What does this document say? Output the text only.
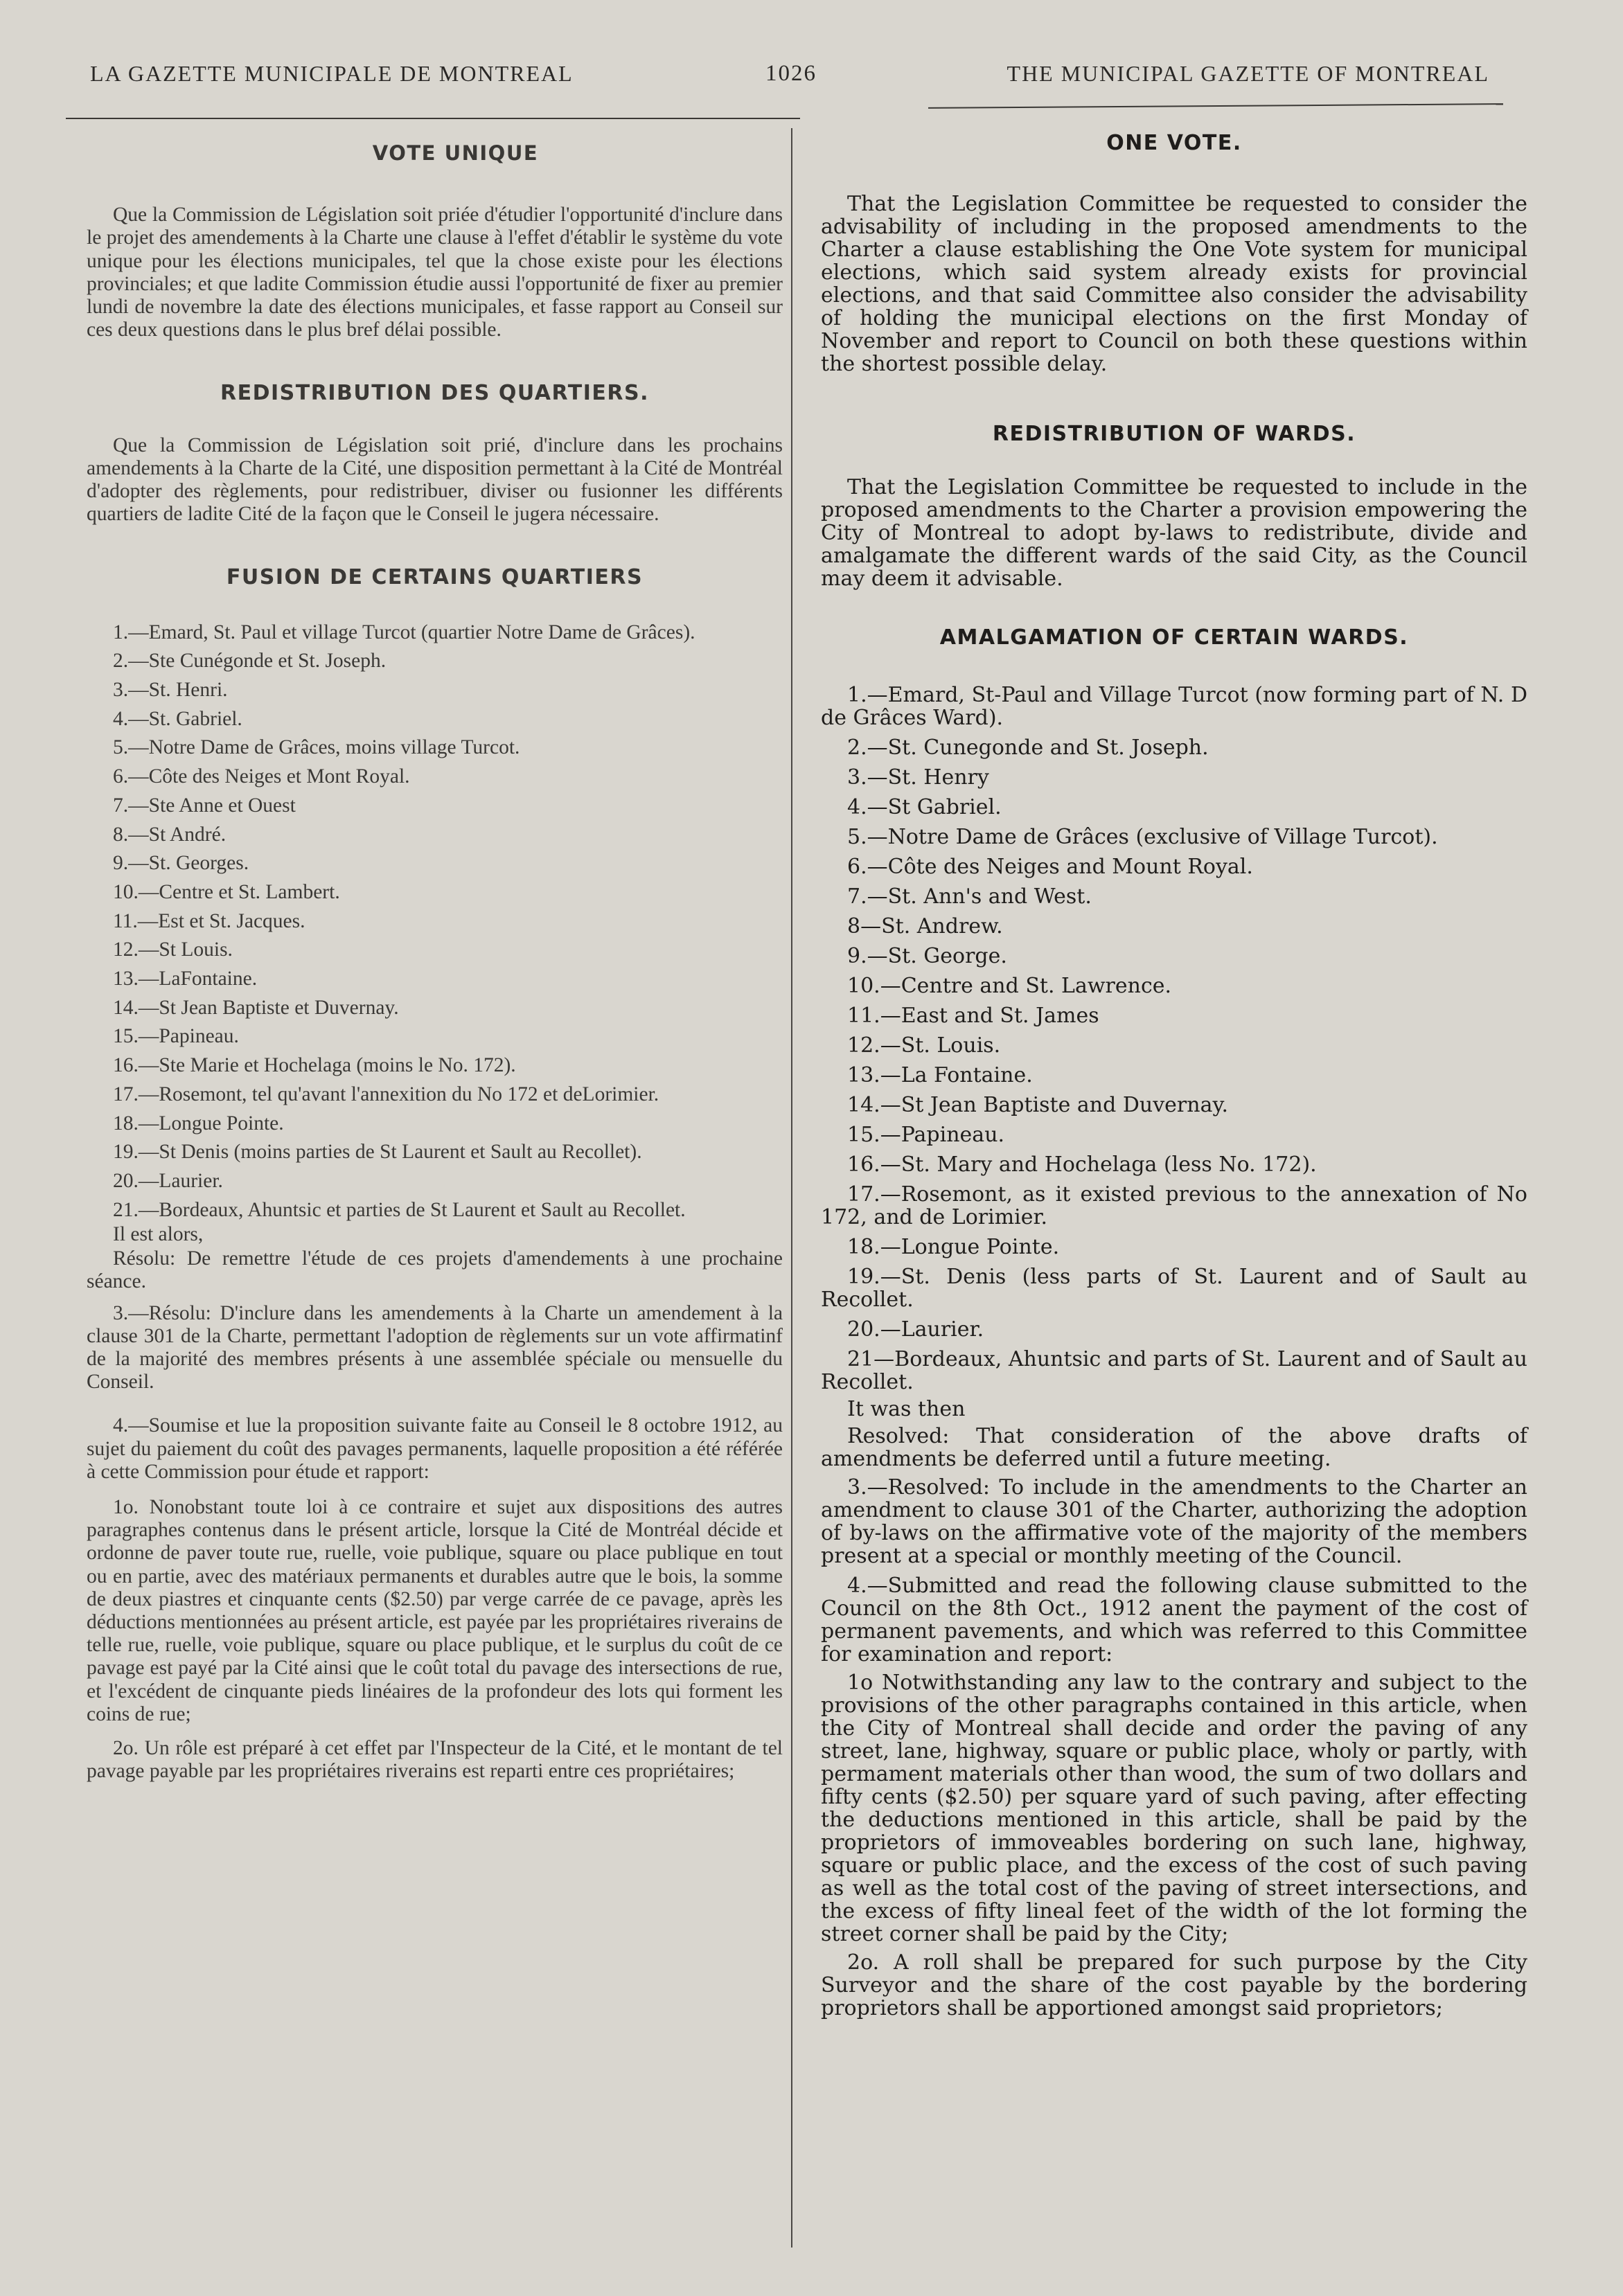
LA GAZETTE MUNICIPALE DE MONTREAL	1026	THE MUNICIPAL GAZETTE OF MONTREAL
VOTE UNIQUE

Que la Commission de Législation soit priée d'étudier l'opportunité d'inclure dans le projet des amendements à la Charte une clause à l'effet d'établir le système du vote unique pour les élections municipales, tel que la chose existe pour les élections provinciales; et que ladite Commission étudie aussi l'opportunité de fixer au premier lundi de novembre la date des élections municipales, et fasse rapport au Conseil sur ces deux questions dans le plus bref délai possible.

REDISTRIBUTION DES QUARTIERS.

Que la Commission de Législation soit prié, d'inclure dans les prochains amendements à la Charte de la Cité, une disposition permettant à la Cité de Montréal d'adopter des règlements, pour redistribuer, diviser ou fusionner les différents quartiers de ladite Cité de la façon que le Conseil le jugera nécessaire.

FUSION DE CERTAINS QUARTIERS

1.—Emard, St. Paul et village Turcot (quartier Notre Dame de Grâces).

2.—Ste Cunégonde et St. Joseph.

3.—St. Henri.

4.—St. Gabriel.

5.—Notre Dame de Grâces, moins village Turcot.

6.—Côte des Neiges et Mont Royal.

7.—Ste Anne et Ouest

8.—St André.

9.—St. Georges.

10.—Centre et St. Lambert.

11.—Est et St. Jacques.

12.—St Louis.

13.—LaFontaine.

14.—St Jean Baptiste et Duvernay.

15.—Papineau.

16.—Ste Marie et Hochelaga (moins le No. 172).

17.—Rosemont, tel qu'avant l'annexition du No 172 et deLorimier.

18.—Longue Pointe.

19.—St Denis (moins parties de St Laurent et Sault au Recollet).

20.—Laurier.

21.—Bordeaux, Ahuntsic et parties de St Laurent et Sault au Recollet.

Il est alors,

Résolu: De remettre l'étude de ces projets d'amendements à une prochaine séance.

3.—Résolu: D'inclure dans les amendements à la Charte un amendement à la clause 301 de la Charte, permettant l'adoption de règlements sur un vote affirmatinf de la majorité des membres présents à une assemblée spéciale ou mensuelle du Conseil.

4.—Soumise et lue la proposition suivante faite au Conseil le 8 octobre 1912, au sujet du paiement du coût des pavages permanents, laquelle proposition a été référée à cette Commission pour étude et rapport:

1o. Nonobstant toute loi à ce contraire et sujet aux dispositions des autres paragraphes contenus dans le présent article, lorsque la Cité de Montréal décide et ordonne de paver toute rue, ruelle, voie publique, square ou place publique en tout ou en partie, avec des matériaux permanents et durables autre que le bois, la somme de deux piastres et cinquante cents ($2.50) par verge carrée de ce pavage, après les déductions mentionnées au présent article, est payée par les propriétaires riverains de telle rue, ruelle, voie publique, square ou place publique, et le surplus du coût de ce pavage est payé par la Cité ainsi que le coût total du pavage des intersections de rue, et l'excédent de cinquante pieds linéaires de la profondeur des lots qui forment les coins de rue;

2o. Un rôle est préparé à cet effet par l'Inspecteur de la Cité, et le montant de tel pavage payable par les propriétaires riverains est reparti entre ces propriétaires;

ONE VOTE.

That the Legislation Committee be requested to consider the advisability of including in the proposed amendments to the Charter a clause establishing the One Vote system for municipal elections, which said system already exists for provincial elections, and that said Committee also consider the advisability of holding the municipal elections on the first Monday of November and report to Council on both these questions within the shortest possible delay.

REDISTRIBUTION OF WARDS.

That the Legislation Committee be requested to include in the proposed amendments to the Charter a provision empowering the City of Montreal to adopt by-laws to redistribute, divide and amalgamate the different wards of the said City, as the Council may deem it advisable.

AMALGAMATION OF CERTAIN WARDS.

1.—Emard, St-Paul and Village Turcot (now forming part of N. D de Grâces Ward).

2.—St. Cunegonde and St. Joseph.

3.—St. Henry

4.—St Gabriel.

5.—Notre Dame de Grâces (exclusive of Village Turcot).

6.—Côte des Neiges and Mount Royal.

7.—St. Ann's and West.

8—St. Andrew.

9.—St. George.

10.—Centre and St. Lawrence.

11.—East and St. James

12.—St. Louis.

13.—La Fontaine.

14.—St Jean Baptiste and Duvernay.

15.—Papineau.

16.—St. Mary and Hochelaga (less No. 172).

17.—Rosemont, as it existed previous to the annexation of No 172, and de Lorimier.

18.—Longue Pointe.

19.—St. Denis (less parts of St. Laurent and of Sault au Recollet.

20.—Laurier.

21—Bordeaux, Ahuntsic and parts of St. Laurent and of Sault au Recollet.

It was then

Resolved: That consideration of the above drafts of amendments be deferred until a future meeting.

3.—Resolved: To include in the amendments to the Charter an amendment to clause 301 of the Charter, authorizing the adoption of by-laws on the affirmative vote of the majority of the members present at a special or monthly meeting of the Council.

4.—Submitted and read the following clause submitted to the Council on the 8th Oct., 1912 anent the payment of the cost of permanent pavements, and which was referred to this Committee for examination and report:

1o Notwithstanding any law to the contrary and subject to the provisions of the other paragraphs contained in this article, when the City of Montreal shall decide and order the paving of any street, lane, highway, square or public place, wholy or partly, with permament materials other than wood, the sum of two dollars and fifty cents ($2.50) per square yard of such paving, after effecting the deductions mentioned in this article, shall be paid by the proprietors of immoveables bordering on such lane, highway, square or public place, and the excess of the cost of such paving as well as the total cost of the paving of street intersections, and the excess of fifty lineal feet of the width of the lot forming the street corner shall be paid by the City;

2o. A roll shall be prepared for such purpose by the City Surveyor and the share of the cost payable by the bordering proprietors shall be apportioned amongst said proprietors;
